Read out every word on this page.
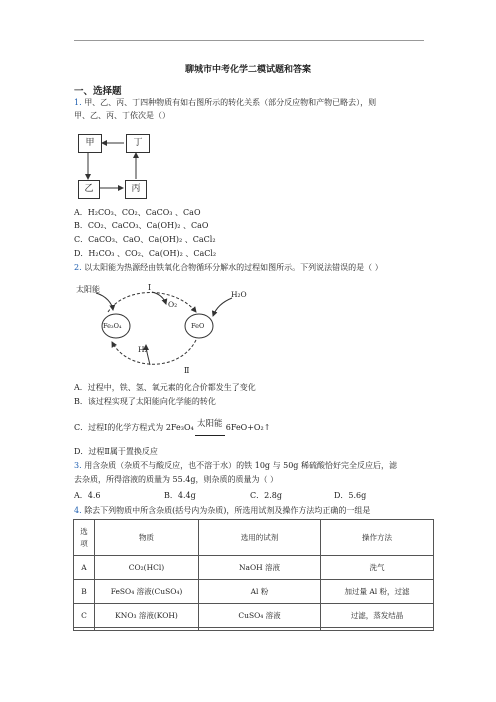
聊城市中考化学二模试题和答案
一、选择题
1. 甲、乙、丙、丁四种物质有如右图所示的转化关系（部分反应物和产物已略去），则
甲、乙、丙、丁依次是（）
甲	丁
乙	丙
A．H₂CO₃、CO₂、CaCO₃ 、CaO
B．CO₂、CaCO₃、Ca(OH)₂ 、CaO
C．CaCO₃、CaO、Ca(OH)₂ 、CaCl₂
D．H₂CO₃ 、CO₂、Ca(OH)₂ 、CaCl₂
2. 以太阳能为热源经由铁氧化合物循环分解水的过程如图所示。下列说法错误的是（ ）
太阳能	Ⅰ
O₂
H₂O
Fe₃O₄	FeO
H₂
Ⅱ
A．过程中，铁、氢、氧元素的化合价都发生了变化
B．该过程实现了太阳能向化学能的转化
C．过程Ⅰ的化学方程式为 2Fe₃O₄ 太阳能 6FeO+O₂↑
D．过程Ⅱ属于置换反应
3. 用含杂质（杂质不与酸反应，也不溶于水）的铁 10g 与 50g 稀硫酸恰好完全反应后，滤
去杂质，所得溶液的质量为 55.4g，则杂质的质量为（ ）
A．4.6	B．4.4g	C．2.8g	D．5.6g
4. 除去下列物质中所含杂质(括号内为杂质)，所选用试剂及操作方法均正确的一组是
选项	物质	选用的试剂	操作方法
A	CO₂(HCl)	NaOH 溶液	洗气
B	FeSO₄ 溶液(CuSO₄)	Al 粉	加过量 Al 粉，过滤
C	KNO₃ 溶液(KOH)	CuSO₄ 溶液	过滤，蒸发结晶
